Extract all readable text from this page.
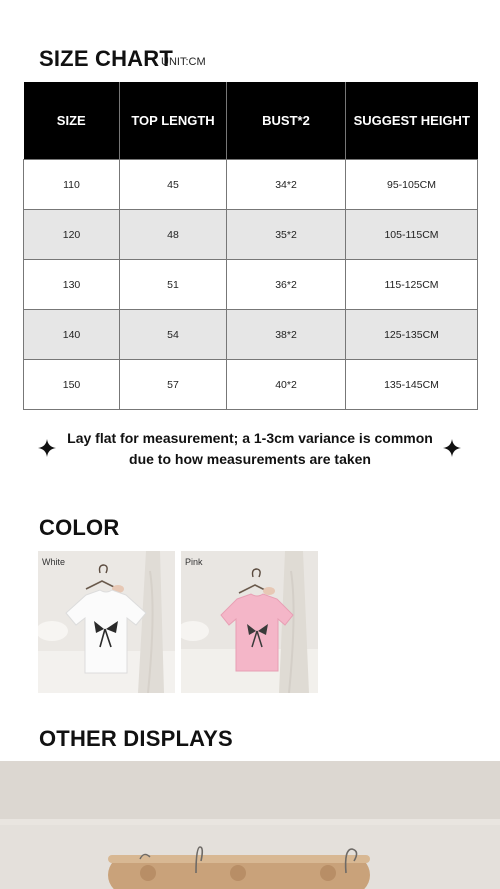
SIZE CHART
UNIT:CM
SIZE	TOP LENGTH	BUST*2	SUGGEST HEIGHT
110	45	34*2	95-105CM
120	48	35*2	105-115CM
130	51	36*2	115-125CM
140	54	38*2	125-135CM
150	57	40*2	135-145CM
Lay flat for measurement; a 1-3cm variance is common
due to how measurements are taken
COLOR
White	Pink
OTHER DISPLAYS
